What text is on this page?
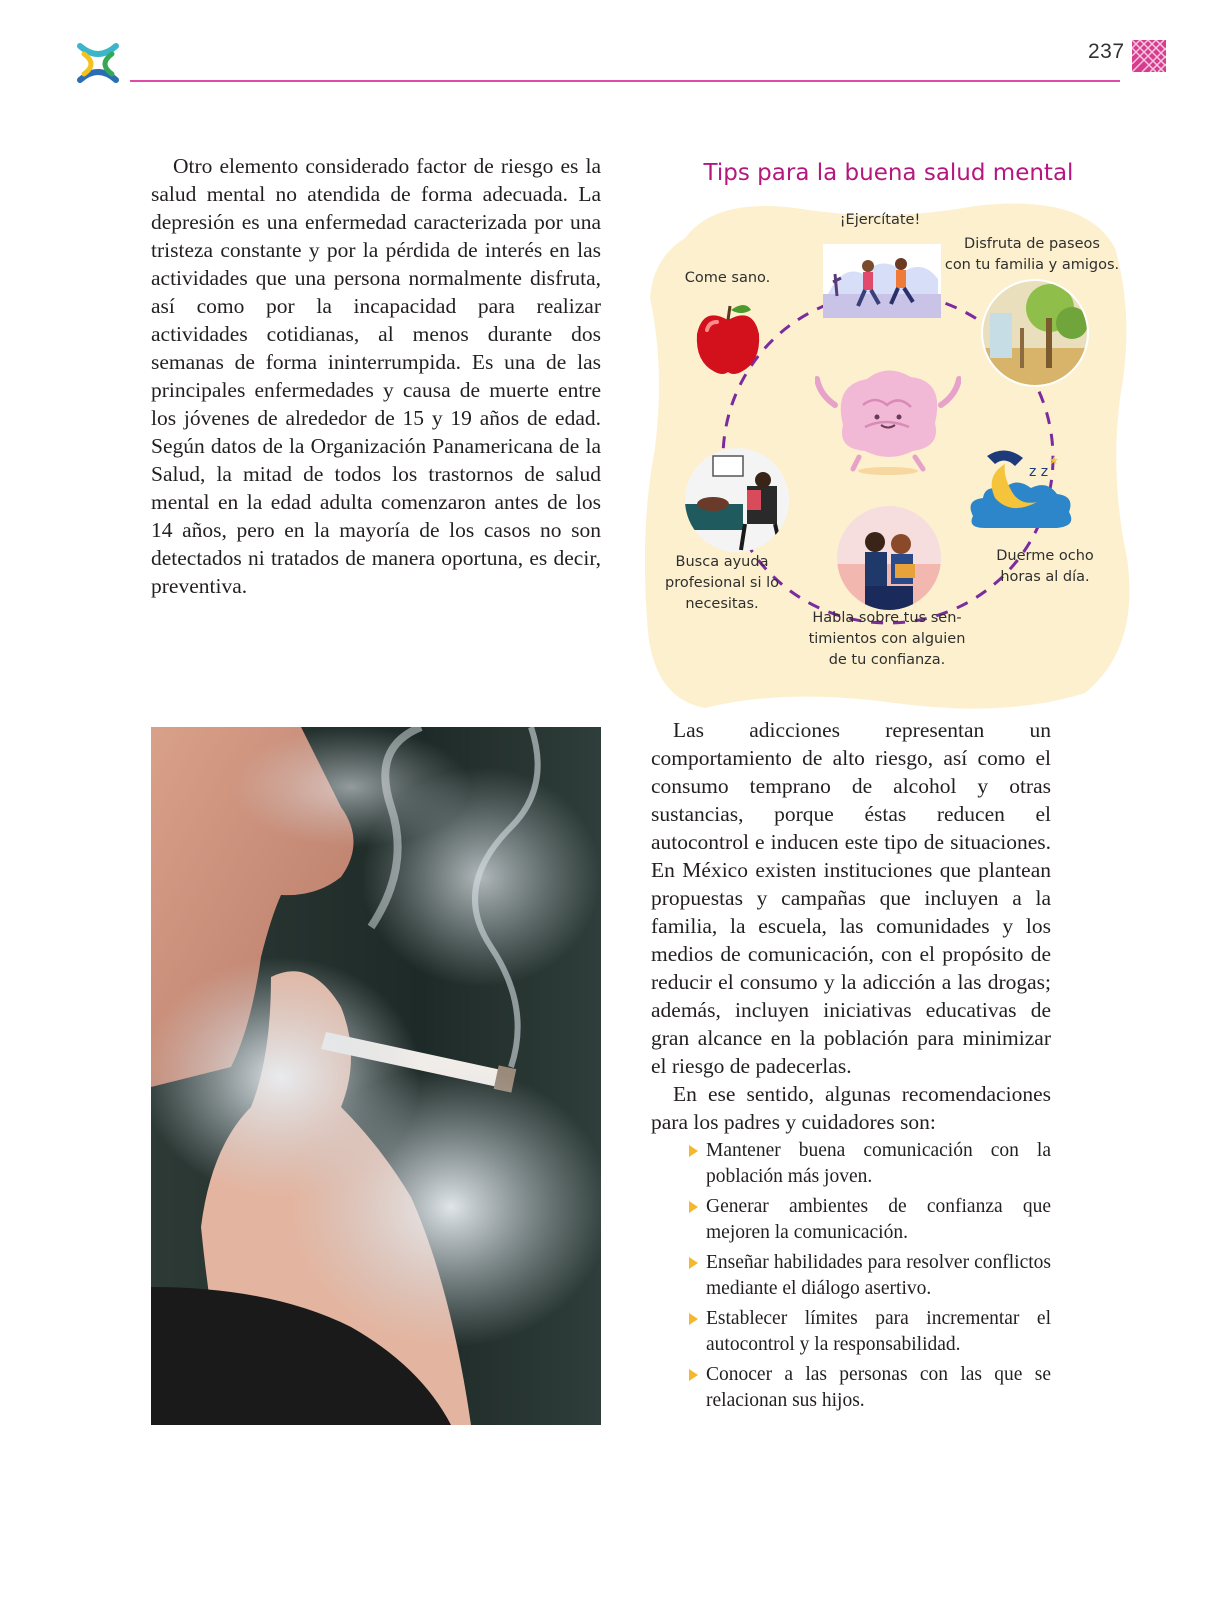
237

Otro elemento considerado factor de riesgo es la salud mental no atendida de forma adecuada. La depresión es una enfermedad caracterizada por una tristeza constante y por la pérdida de interés en las actividades que una persona normalmente disfruta, así como por la incapacidad para realizar actividades cotidianas, al menos durante dos semanas de forma ininterrumpida. Es una de las principales enfermedades y causa de muerte entre los jóvenes de alrededor de 15 y 19 años de edad. Según datos de la Organización Panamericana de la Salud, la mitad de todos los trastornos de salud mental en la edad adulta comenzaron antes de los 14 años, pero en la mayoría de los casos no son detectados ni tratados de manera oportuna, es decir, preventiva.

Tips para la buena salud mental
¡Ejercítate!
Disfruta de paseos
con tu familia y amigos.
Come sano.
Busca ayuda
profesional si lo
necesitas.
Habla sobre tus sen-
timientos con alguien
de tu confianza.
z z
★
Duerme ocho
horas al día.

Las adicciones representan un comportamiento de alto riesgo, así como el consumo temprano de alcohol y otras sustancias, porque éstas reducen el autocontrol e inducen este tipo de situaciones. En México existen instituciones que plantean propuestas y campañas que incluyen a la familia, la escuela, las comunidades y los medios de comunicación, con el propósito de reducir el consumo y la adicción a las drogas; además, incluyen iniciativas educativas de gran alcance en la población para minimizar el riesgo de padecerlas.

En ese sentido, algunas recomendaciones para los padres y cuidadores son:

Mantener buena comunicación con la población más joven.
Generar ambientes de confianza que mejoren la comunicación.
Enseñar habilidades para resolver conflictos mediante el diálogo asertivo.
Establecer límites para incrementar el autocontrol y la responsabilidad.
Conocer a las personas con las que se relacionan sus hijos.
